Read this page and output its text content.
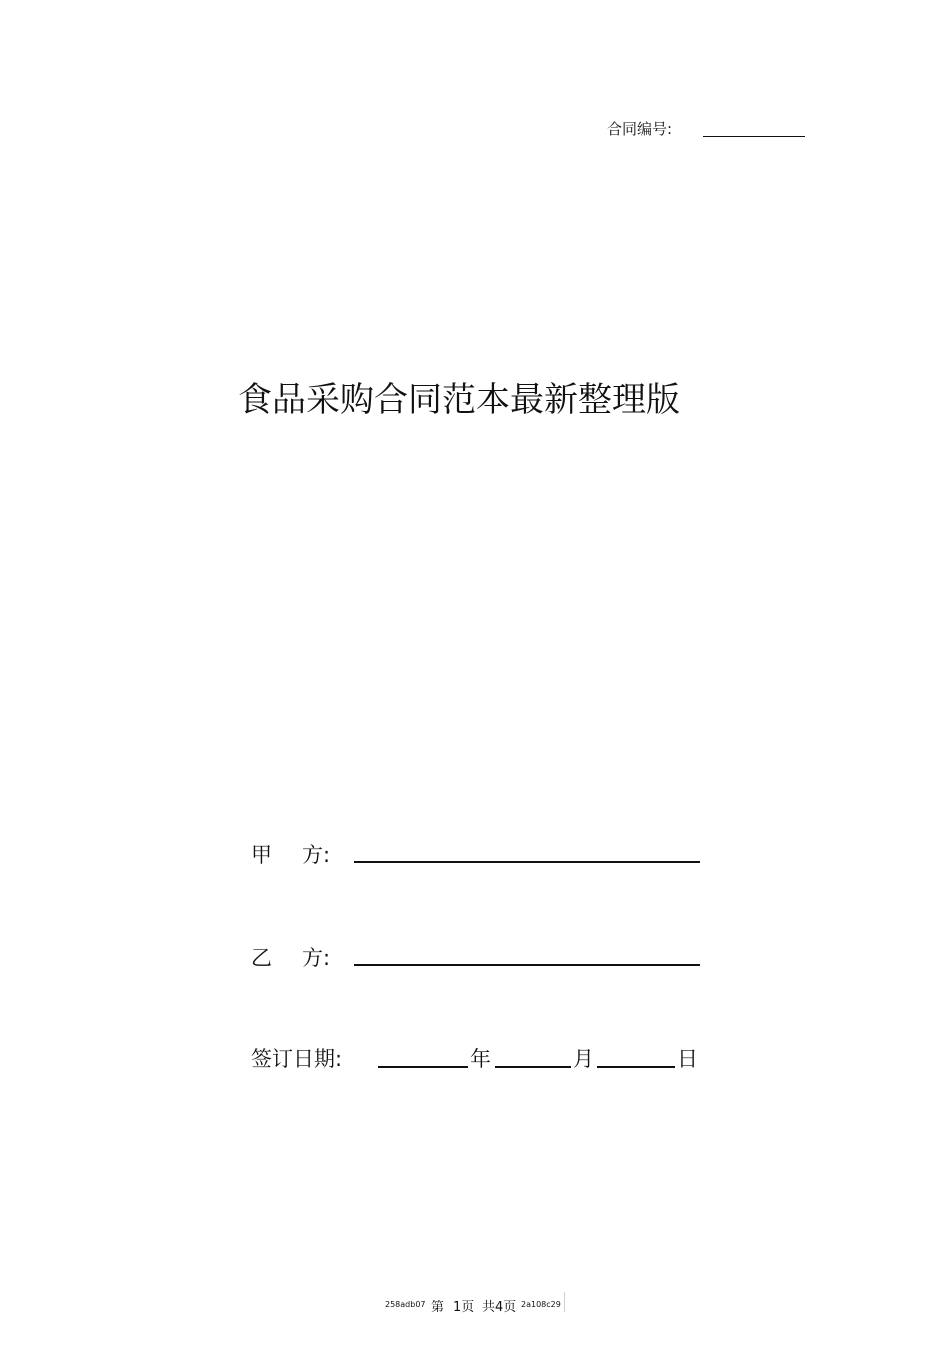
合同编号:
食品采购合同范本最新整理版
甲 方:
乙 方:
签订日期:	年	月	日
258adb07 第 1页 共4页 2a108c29
